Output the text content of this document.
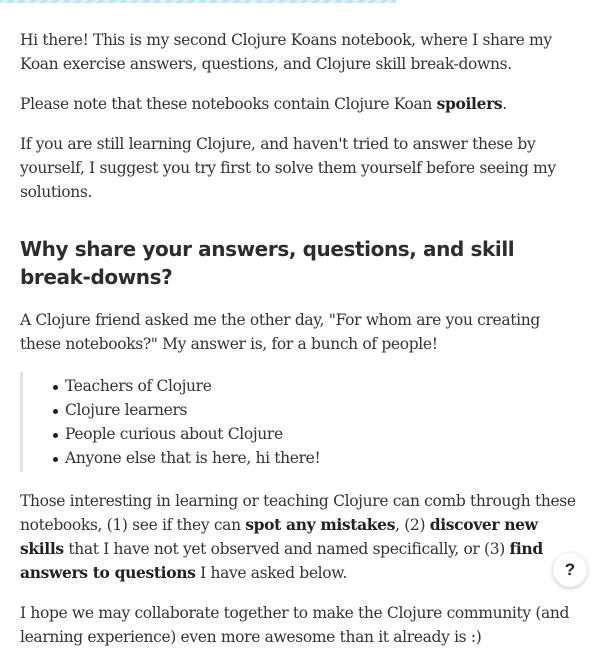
Hi there! This is my second Clojure Koans notebook, where I share my Koan exercise answers, questions, and Clojure skill break-downs.

Please note that these notebooks contain Clojure Koan spoilers.

If you are still learning Clojure, and haven't tried to answer these by yourself, I suggest you try first to solve them yourself before seeing my solutions.

Why share your answers, questions, and skill break-downs?

A Clojure friend asked me the other day, "For whom are you creating these notebooks?" My answer is, for a bunch of people!

Teachers of Clojure
Clojure learners
People curious about Clojure
Anyone else that is here, hi there!

Those interesting in learning or teaching Clojure can comb through these notebooks, (1) see if they can spot any mistakes, (2) discover new skills that I have not yet observed and named specifically, or (3) find answers to questions I have asked below.

I hope we may collaborate together to make the Clojure community (and learning experience) even more awesome than it already is :)

?
